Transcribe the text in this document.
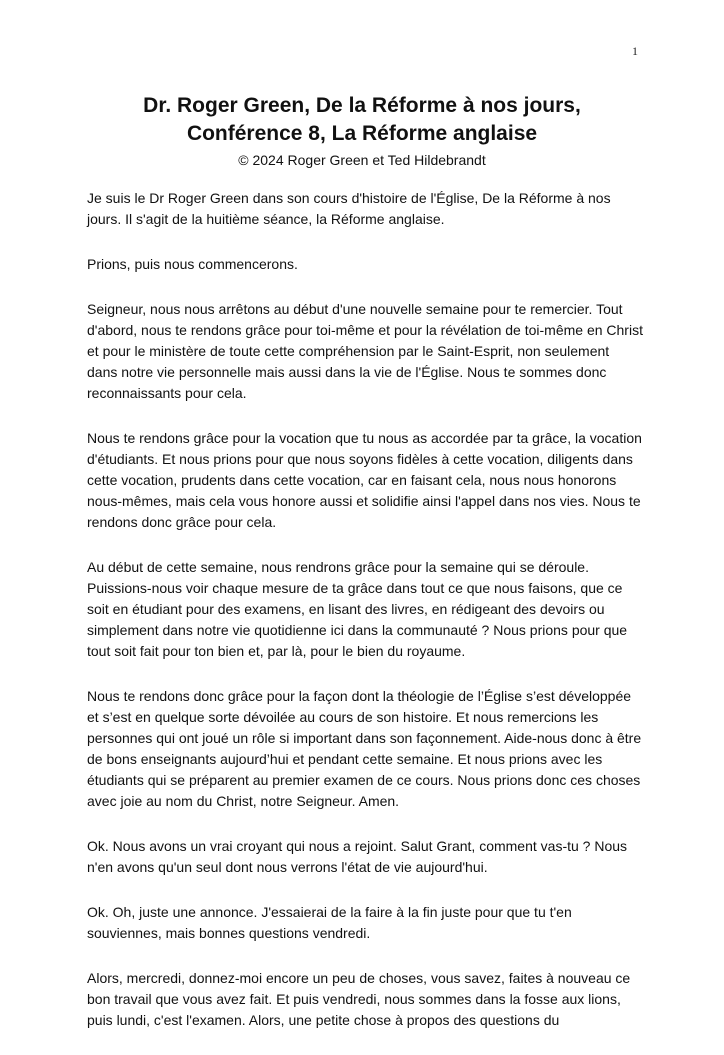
1
Dr. Roger Green, De la Réforme à nos jours,
Conférence 8, La Réforme anglaise
© 2024 Roger Green et Ted Hildebrandt

Je suis le Dr Roger Green dans son cours d'histoire de l'Église, De la Réforme à nos jours. Il s'agit de la huitième séance, la Réforme anglaise.

Prions, puis nous commencerons.

Seigneur, nous nous arrêtons au début d'une nouvelle semaine pour te remercier. Tout d'abord, nous te rendons grâce pour toi-même et pour la révélation de toi-même en Christ et pour le ministère de toute cette compréhension par le Saint-Esprit, non seulement dans notre vie personnelle mais aussi dans la vie de l'Église. Nous te sommes donc reconnaissants pour cela.

Nous te rendons grâce pour la vocation que tu nous as accordée par ta grâce, la vocation d'étudiants. Et nous prions pour que nous soyons fidèles à cette vocation, diligents dans cette vocation, prudents dans cette vocation, car en faisant cela, nous nous honorons nous-mêmes, mais cela vous honore aussi et solidifie ainsi l'appel dans nos vies. Nous te rendons donc grâce pour cela.

Au début de cette semaine, nous rendrons grâce pour la semaine qui se déroule. Puissions-nous voir chaque mesure de ta grâce dans tout ce que nous faisons, que ce soit en étudiant pour des examens, en lisant des livres, en rédigeant des devoirs ou simplement dans notre vie quotidienne ici dans la communauté ? Nous prions pour que tout soit fait pour ton bien et, par là, pour le bien du royaume.

Nous te rendons donc grâce pour la façon dont la théologie de l’Église s’est développée et s’est en quelque sorte dévoilée au cours de son histoire. Et nous remercions les personnes qui ont joué un rôle si important dans son façonnement. Aide-nous donc à être de bons enseignants aujourd’hui et pendant cette semaine. Et nous prions avec les étudiants qui se préparent au premier examen de ce cours. Nous prions donc ces choses avec joie au nom du Christ, notre Seigneur. Amen.

Ok. Nous avons un vrai croyant qui nous a rejoint. Salut Grant, comment vas-tu ? Nous n'en avons qu'un seul dont nous verrons l'état de vie aujourd'hui.

Ok. Oh, juste une annonce. J'essaierai de la faire à la fin juste pour que tu t'en souviennes, mais bonnes questions vendredi.

Alors, mercredi, donnez-moi encore un peu de choses, vous savez, faites à nouveau ce bon travail que vous avez fait. Et puis vendredi, nous sommes dans la fosse aux lions, puis lundi, c'est l'examen. Alors, une petite chose à propos des questions du
